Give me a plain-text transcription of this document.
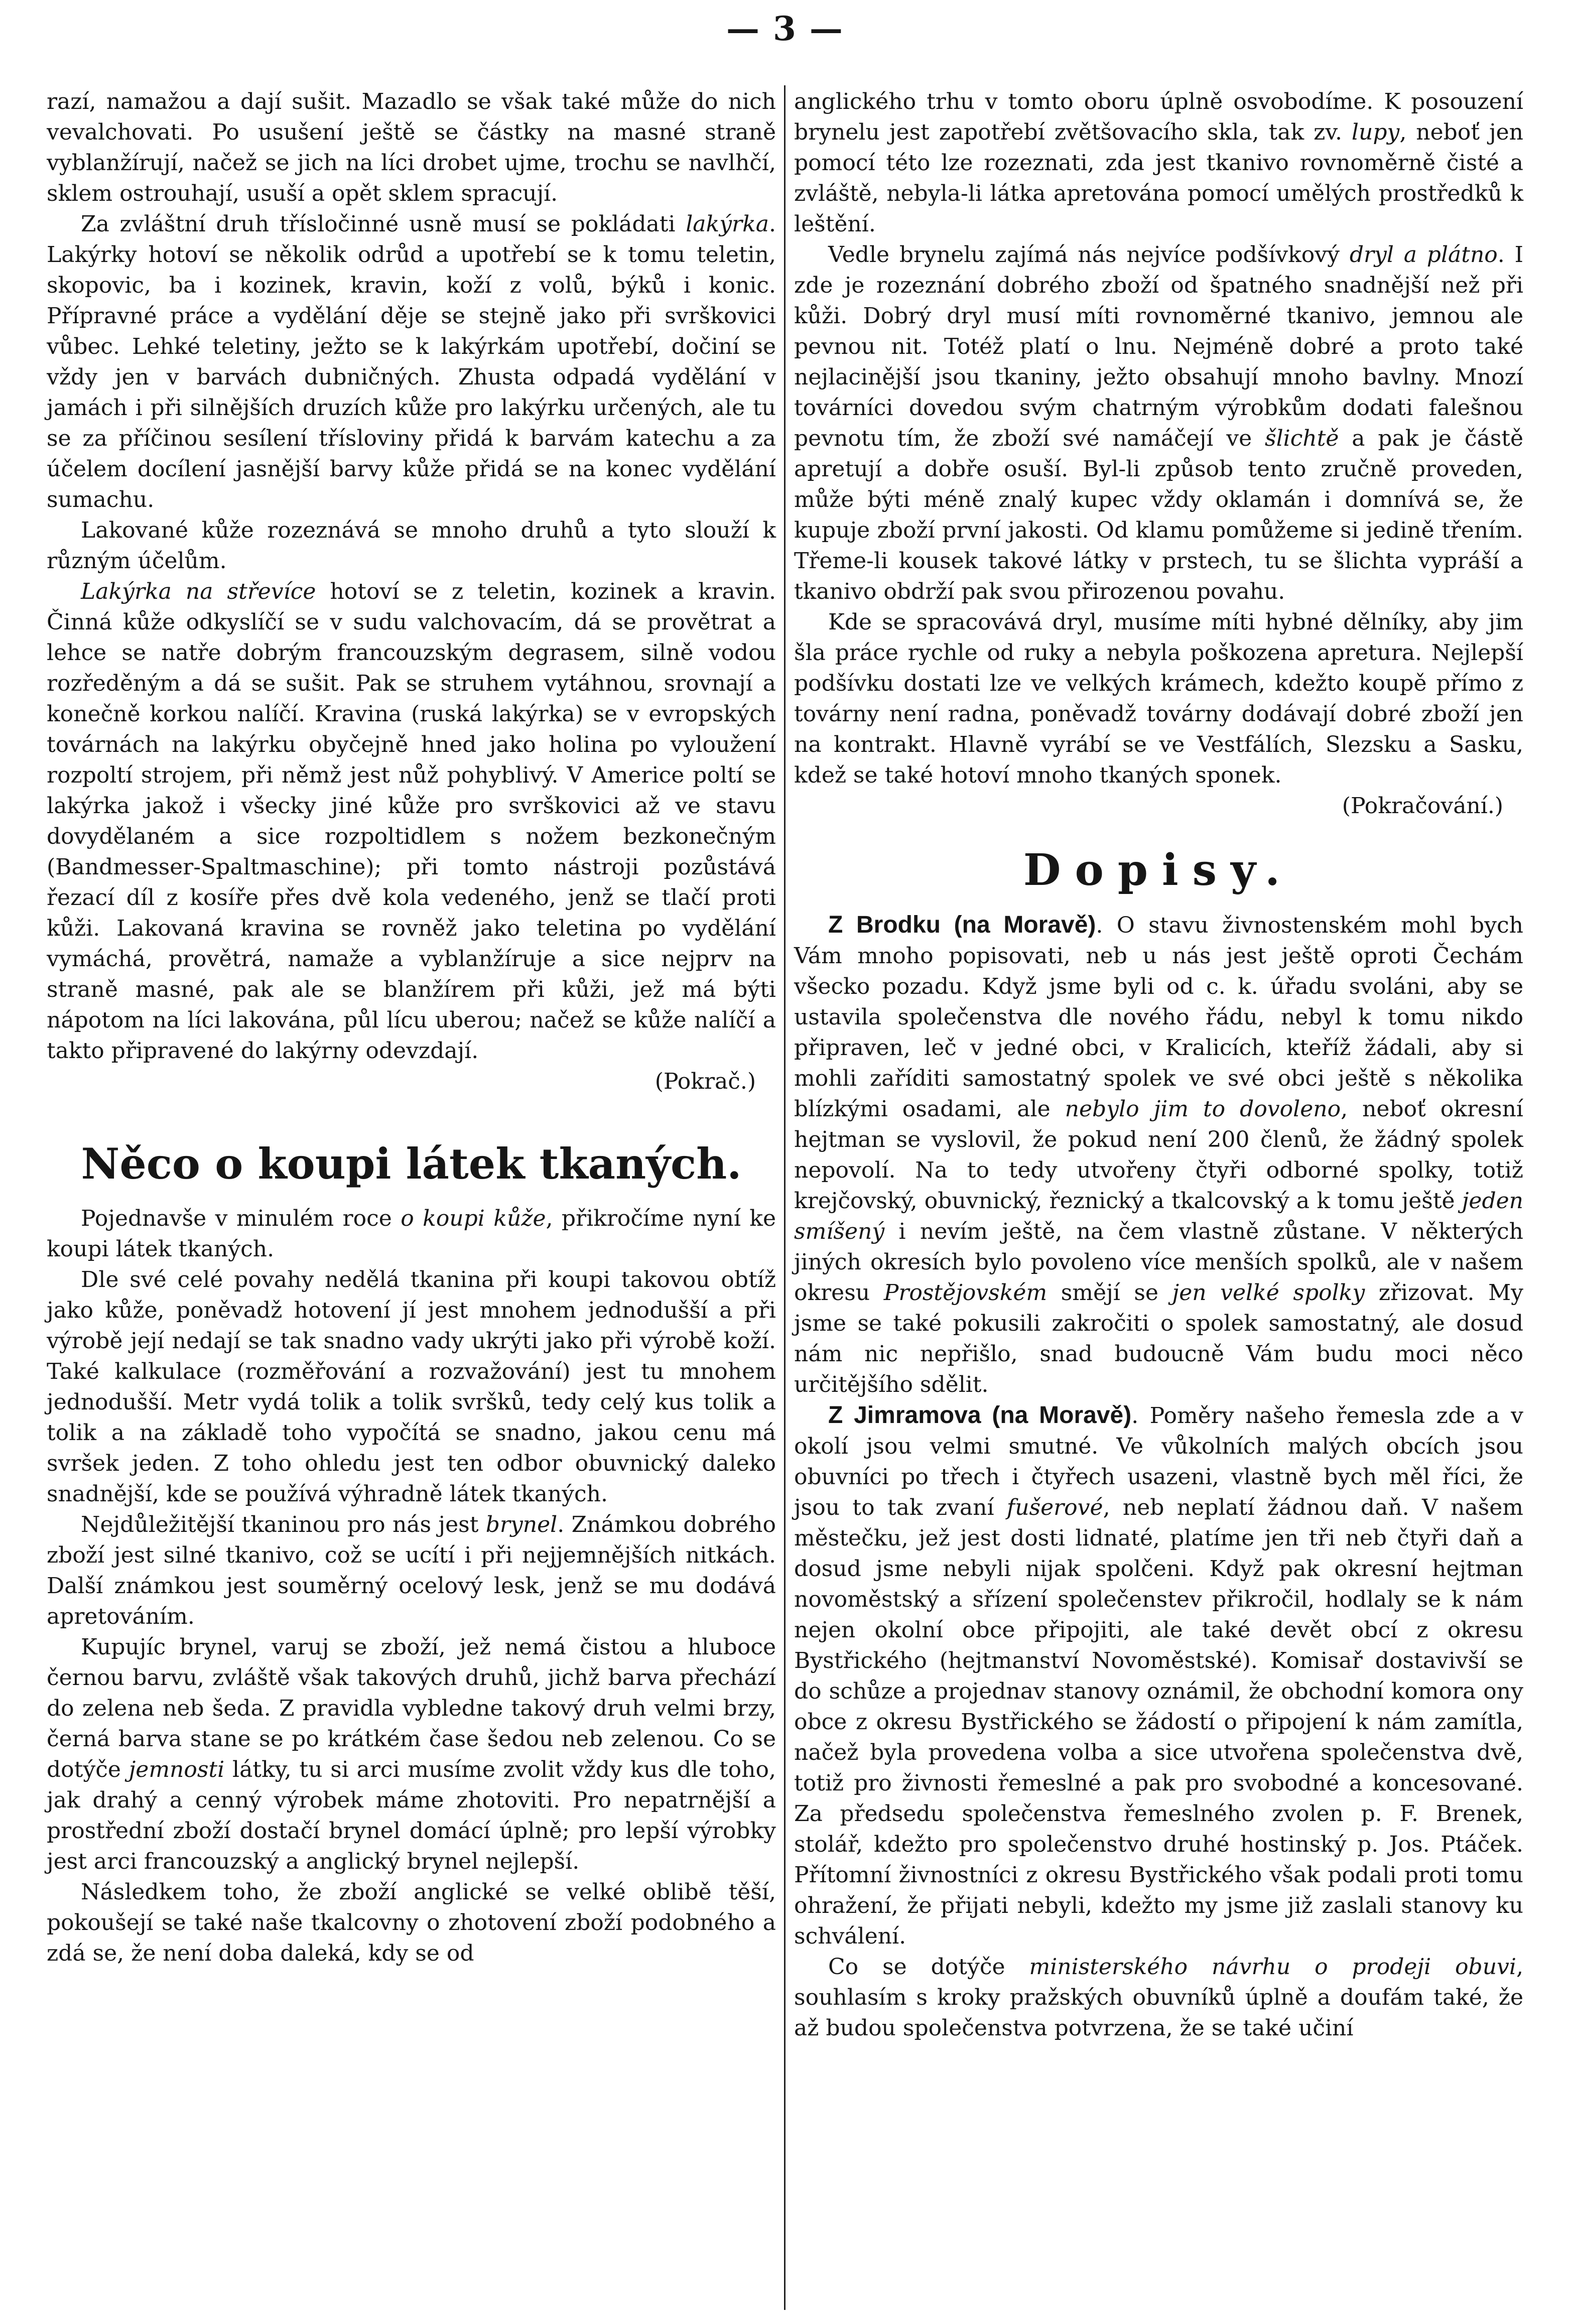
— 3 —

razí, namažou a dají sušit. Mazadlo se však také může do nich vevalchovati. Po usušení ještě se částky na masné straně vyblanžírují, načež se jich na líci drobet ujme, trochu se navlhčí, sklem ostrouhají, usuší a opět sklem spracují.

Za zvláštní druh třísločinné usně musí se pokládati lakýrka. Lakýrky hotoví se několik odrůd a upotřebí se k tomu teletin, skopovic, ba i kozinek, kravin, koží z volů, býků i konic. Přípravné práce a vydělání děje se stejně jako při svrškovici vůbec. Lehké teletiny, ježto se k lakýrkám upotřebí, dočiní se vždy jen v barvách dubničných. Zhusta odpadá vydělání v jamách i při silnějších druzích kůže pro lakýrku určených, ale tu se za příčinou sesílení třísloviny přidá k barvám katechu a za účelem docílení jasnější barvy kůže přidá se na konec vydělání sumachu.

Lakované kůže rozeznává se mnoho druhů a tyto slouží k různým účelům.

Lakýrka na střevíce hotoví se z teletin, kozinek a kravin. Činná kůže odkyslíčí se v sudu valchovacím, dá se provětrat a lehce se natře dobrým francouzským degrasem, silně vodou rozředěným a dá se sušit. Pak se struhem vytáhnou, srovnají a konečně korkou nalíčí. Kravina (ruská lakýrka) se v evropských továrnách na lakýrku obyčejně hned jako holina po vyloužení rozpoltí strojem, při němž jest nůž pohyblivý. V Americe poltí se lakýrka jakož i všecky jiné kůže pro svrškovici až ve stavu dovydělaném a sice rozpoltidlem s nožem bezkonečným (Bandmesser-Spaltmaschine); při tomto nástroji pozůstává řezací díl z kosíře přes dvě kola vedeného, jenž se tlačí proti kůži. Lakovaná kravina se rovněž jako teletina po vydělání vymáchá, provětrá, namaže a vyblanžíruje a sice nejprv na straně masné, pak ale se blanžírem při kůži, jež má býti nápotom na líci lakována, půl lícu uberou; načež se kůže nalíčí a takto připravené do lakýrny odevzdají.

(Pokrač.)

Něco o koupi látek tkaných.

Pojednavše v minulém roce o koupi kůže, přikročíme nyní ke koupi látek tkaných.

Dle své celé povahy nedělá tkanina při koupi takovou obtíž jako kůže, poněvadž hotovení jí jest mnohem jednodušší a při výrobě její nedají se tak snadno vady ukrýti jako při výrobě koží. Také kalkulace (rozměřování a rozvažování) jest tu mnohem jednodušší. Metr vydá tolik a tolik svršků, tedy celý kus tolik a tolik a na základě toho vypočítá se snadno, jakou cenu má svršek jeden. Z toho ohledu jest ten odbor obuvnický daleko snadnější, kde se používá výhradně látek tkaných.

Nejdůležitější tkaninou pro nás jest brynel. Známkou dobrého zboží jest silné tkanivo, což se ucítí i při nejjemnějších nitkách. Další známkou jest souměrný ocelový lesk, jenž se mu dodává apretováním.

Kupujíc brynel, varuj se zboží, jež nemá čistou a hluboce černou barvu, zvláště však takových druhů, jichž barva přechází do zelena neb šeda. Z pravidla vybledne takový druh velmi brzy, černá barva stane se po krátkém čase šedou neb zelenou. Co se dotýče jemnosti látky, tu si arci musíme zvolit vždy kus dle toho, jak drahý a cenný výrobek máme zhotoviti. Pro nepatrnější a prostřední zboží dostačí brynel domácí úplně; pro lepší výrobky jest arci francouzský a anglický brynel nejlepší.

Následkem toho, že zboží anglické se velké oblibě těší, pokoušejí se také naše tkalcovny o zhotovení zboží podobného a zdá se, že není doba daleká, kdy se od

anglického trhu v tomto oboru úplně osvobodíme. K posouzení brynelu jest zapotřebí zvětšovacího skla, tak zv. lupy, neboť jen pomocí této lze rozeznati, zda jest tkanivo rovnoměrně čisté a zvláště, nebyla-li látka apretována pomocí umělých prostředků k leštění.

Vedle brynelu zajímá nás nejvíce podšívkový dryl a plátno. I zde je rozeznání dobrého zboží od špatného snadnější než při kůži. Dobrý dryl musí míti rovnoměrné tkanivo, jemnou ale pevnou nit. Totéž platí o lnu. Nejméně dobré a proto také nejlacinější jsou tkaniny, ježto obsahují mnoho bavlny. Mnozí továrníci dovedou svým chatrným výrobkům dodati falešnou pevnotu tím, že zboží své namáčejí ve šlichtě a pak je částě apretují a dobře osuší. Byl-li způsob tento zručně proveden, může býti méně znalý kupec vždy oklamán i domnívá se, že kupuje zboží první jakosti. Od klamu pomůžeme si jedině třením. Třeme-li kousek takové látky v prstech, tu se šlichta vypráší a tkanivo obdrží pak svou přirozenou povahu.

Kde se spracovává dryl, musíme míti hybné dělníky, aby jim šla práce rychle od ruky a nebyla poškozena apretura. Nejlepší podšívku dostati lze ve velkých krámech, kdežto koupě přímo z továrny není radna, poněvadž továrny dodávají dobré zboží jen na kontrakt. Hlavně vyrábí se ve Vestfálích, Slezsku a Sasku, kdež se také hotoví mnoho tkaných sponek.

(Pokračování.)

Dopisy.

Z Brodku (na Moravě). O stavu živnostenském mohl bych Vám mnoho popisovati, neb u nás jest ještě oproti Čechám všecko pozadu. Když jsme byli od c. k. úřadu svoláni, aby se ustavila společenstva dle nového řádu, nebyl k tomu nikdo připraven, leč v jedné obci, v Kralicích, kteříž žádali, aby si mohli zaříditi samostatný spolek ve své obci ještě s několika blízkými osadami, ale nebylo jim to dovoleno, neboť okresní hejtman se vyslovil, že pokud není 200 členů, že žádný spolek nepovolí. Na to tedy utvořeny čtyři odborné spolky, totiž krejčovský, obuvnický, řeznický a tkalcovský a k tomu ještě jeden smíšený i nevím ještě, na čem vlastně zůstane. V některých jiných okresích bylo povoleno více menších spolků, ale v našem okresu Prostějovském smějí se jen velké spolky zřizovat. My jsme se také pokusili zakročiti o spolek samostatný, ale dosud nám nic nepřišlo, snad budoucně Vám budu moci něco určitějšího sdělit.

Z Jimramova (na Moravě). Poměry našeho řemesla zde a v okolí jsou velmi smutné. Ve vůkolních malých obcích jsou obuvníci po třech i čtyřech usazeni, vlastně bych měl říci, že jsou to tak zvaní fušerové, neb neplatí žádnou daň. V našem městečku, jež jest dosti lidnaté, platíme jen tři neb čtyři daň a dosud jsme nebyli nijak spolčeni. Když pak okresní hejtman novoměstský a sřízení společenstev přikročil, hodlaly se k nám nejen okolní obce připojiti, ale také devět obcí z okresu Bystřického (hejtmanství Novoměstské). Komisař dostavivší se do schůze a projednav stanovy oznámil, že obchodní komora ony obce z okresu Bystřického se žádostí o připojení k nám zamítla, načež byla provedena volba a sice utvořena společenstva dvě, totiž pro živnosti řemeslné a pak pro svobodné a koncesované. Za předsedu společenstva řemeslného zvolen p. F. Brenek, stolář, kdežto pro společenstvo druhé hostinský p. Jos. Ptáček. Přítomní živnostníci z okresu Bystřického však podali proti tomu ohražení, že přijati nebyli, kdežto my jsme již zaslali stanovy ku schválení.

Co se dotýče ministerského návrhu o prodeji obuvi, souhlasím s kroky pražských obuvníků úplně a doufám také, že až budou společenstva potvrzena, že se také učiní
